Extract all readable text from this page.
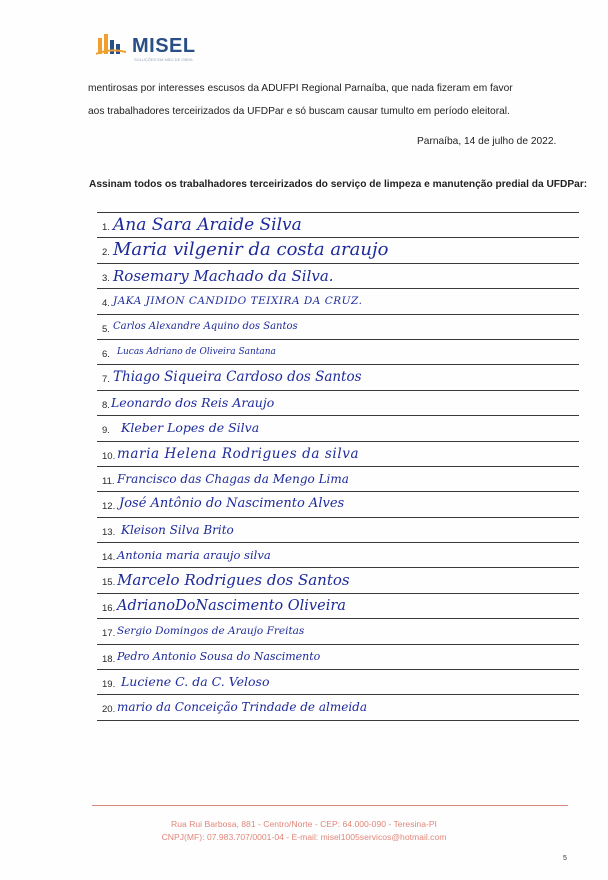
MISEL
SOLUÇÕES EM MÃO DE OBRA
mentirosas por interesses escusos da ADUFPI Regional Parnaíba, que nada fizeram em favor
aos trabalhadores terceirizados da UFDPar e só buscam causar tumulto em período eleitoral.
Parnaíba, 14 de julho de 2022.
Assinam todos os trabalhadores terceirizados do serviço de limpeza e manutenção predial da UFDPar:
1. Ana Sara Araide Silva
2. Maria vilgenir da costa araujo
3. Rosemary Machado da Silva.
4. JAKA JIMON CANDIDO TEIXIRA DA CRUZ.
5. Carlos Alexandre Aquino dos Santos
6. Lucas Adriano de Oliveira Santana
7. Thiago Siqueira Cardoso dos Santos
8. Leonardo dos Reis Araujo
9. Kleber Lopes de Silva
10. maria Helena Rodrigues da silva
11. Francisco das Chagas da Mengo Lima
12. José Antônio do Nascimento Alves
13. Kleison Silva Brito
14. Antonia maria araujo silva
15. Marcelo Rodrigues dos Santos
16. AdrianoDoNascimento Oliveira
17. Sergio Domingos de Araujo Freitas
18. Pedro Antonio Sousa do Nascimento
19. Luciene C. da C. Veloso
20. mario da Conceição Trindade de almeida
Rua Rui Barbosa, 881 - Centro/Norte - CEP: 64.000-090 - Teresina-PI
CNPJ(MF): 07.983.707/0001-04 - E-mail: misel1005servicos@hotmail.com
5
